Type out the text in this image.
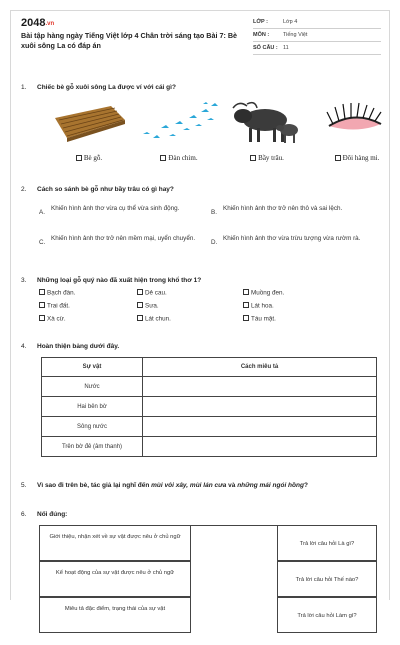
2048.vn
Bài tập hàng ngày Tiếng Việt lớp 4 Chân trời sáng tạo Bài 7: Bè xuôi sông La có đáp án
LỚP :	Lớp 4
MÔN :	Tiếng Việt
SỐ CÂU : 11
1. Chiếc bè gỗ xuôi sông La được ví với cái gì?
Bè gỗ.	Đàn chim.	Bầy trâu.	Đôi hàng mi.
2. Cách so sánh bè gỗ như bầy trâu có gì hay?
A.
Khiến hình ảnh thơ vừa cụ thể vừa sinh động.
B.
Khiến hình ảnh thơ trở nên thô và sai lệch.
C.
Khiến hình ảnh thơ trở nên mềm mại, uyển chuyển.
D.
Khiến hình ảnh thơ vừa trừu tượng vừa rườm rà.
3. Những loại gỗ quý nào đã xuất hiện trong khổ thơ 1?
Bạch đàn.	Dẻ cau.	Muồng đen.
Trai đất.	Sưa.	Lát hoa.
Xà cừ.	Lát chun.	Táu mật.
4. Hoàn thiện bảng dưới đây.
Sự vật	Cách miêu tả
Nước	
Hai bên bờ	
Sông nước	
Trên bờ đê (âm thanh)	
5. Vì sao đi trên bè, tác giả lại nghĩ đến mùi vôi xây, mùi lán cưa và những mái ngói hồng?
6. Nối đúng:
Giới thiệu, nhận xét về sự vật được nêu ở chủ ngữ
Kể hoạt động của sự vật được nêu ở chủ ngữ
Miêu tả đặc điểm, trạng thái của sự vật
Trả lời câu hỏi Là gì?
Trả lời câu hỏi Thế nào?
Trả lời câu hỏi Làm gì?
